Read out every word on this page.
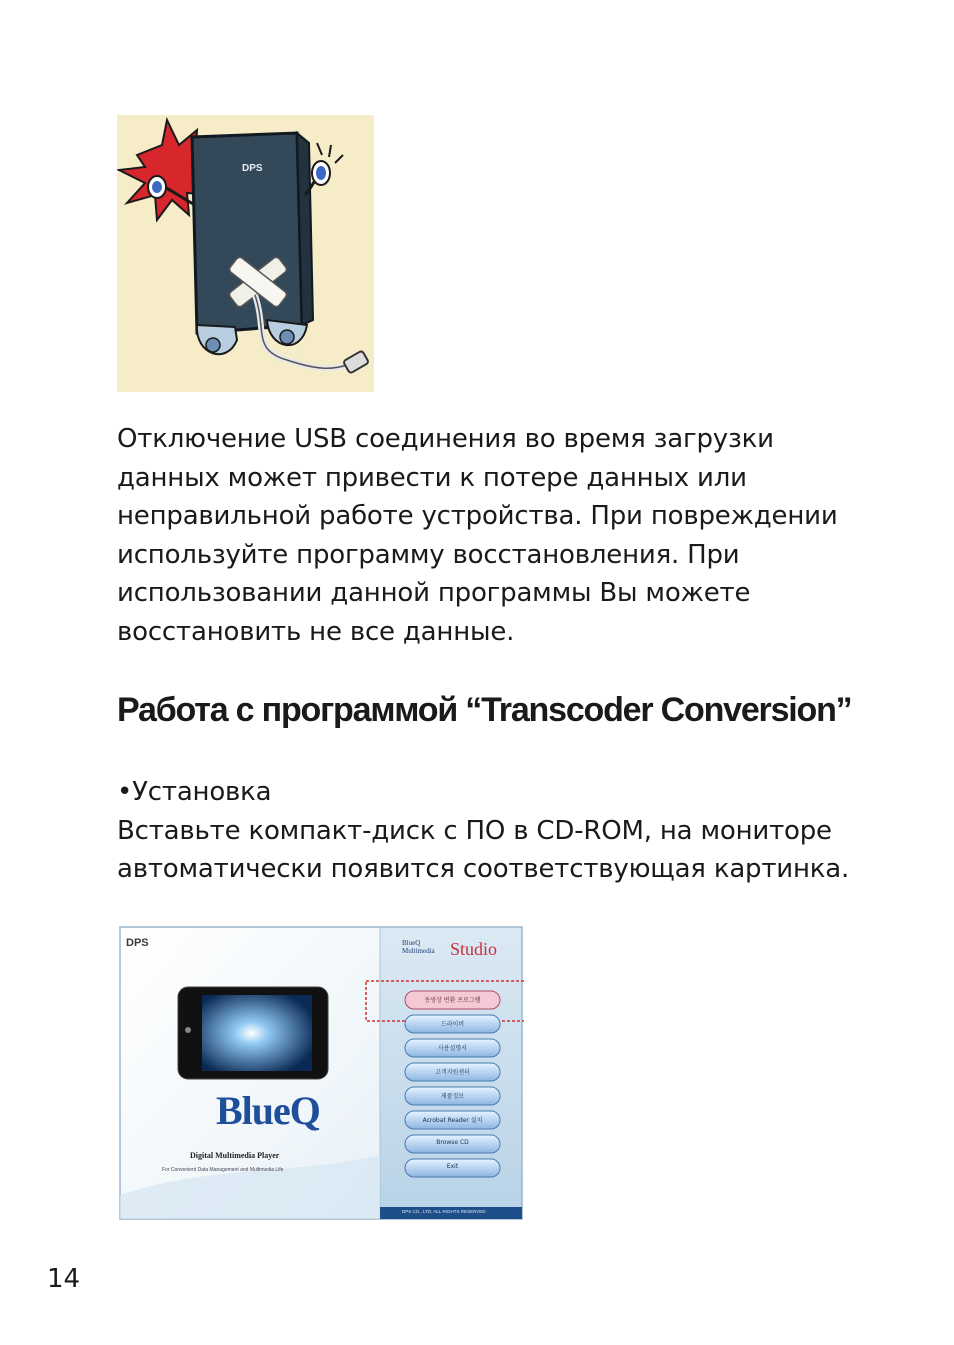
DPS
Отключение USB соединения во время загрузки
данных может привести к потере данных или
неправильной работе устройства. При повреждении
используйте программу восстановления. При
использовании данной программы Вы можете
восстановить не все данные.
Работа с программой “Transcoder Conversion”
•Установка
Вставьте компакт-диск с ПО в CD-ROM, на мониторе
автоматически появится соответствующая картинка.
DPS	BlueQ
Multimedia Studio
BlueQ
Digital Multimedia Player
For Convenient Data Management and Multimedia Life
DPS CO., LTD. ALL RIGHTS RESERVED
동영상 변환 프로그램
드라이버
사용설명서
고객지원센터
제품정보
Acrobat Reader 설치
Browse CD
Exit
14
